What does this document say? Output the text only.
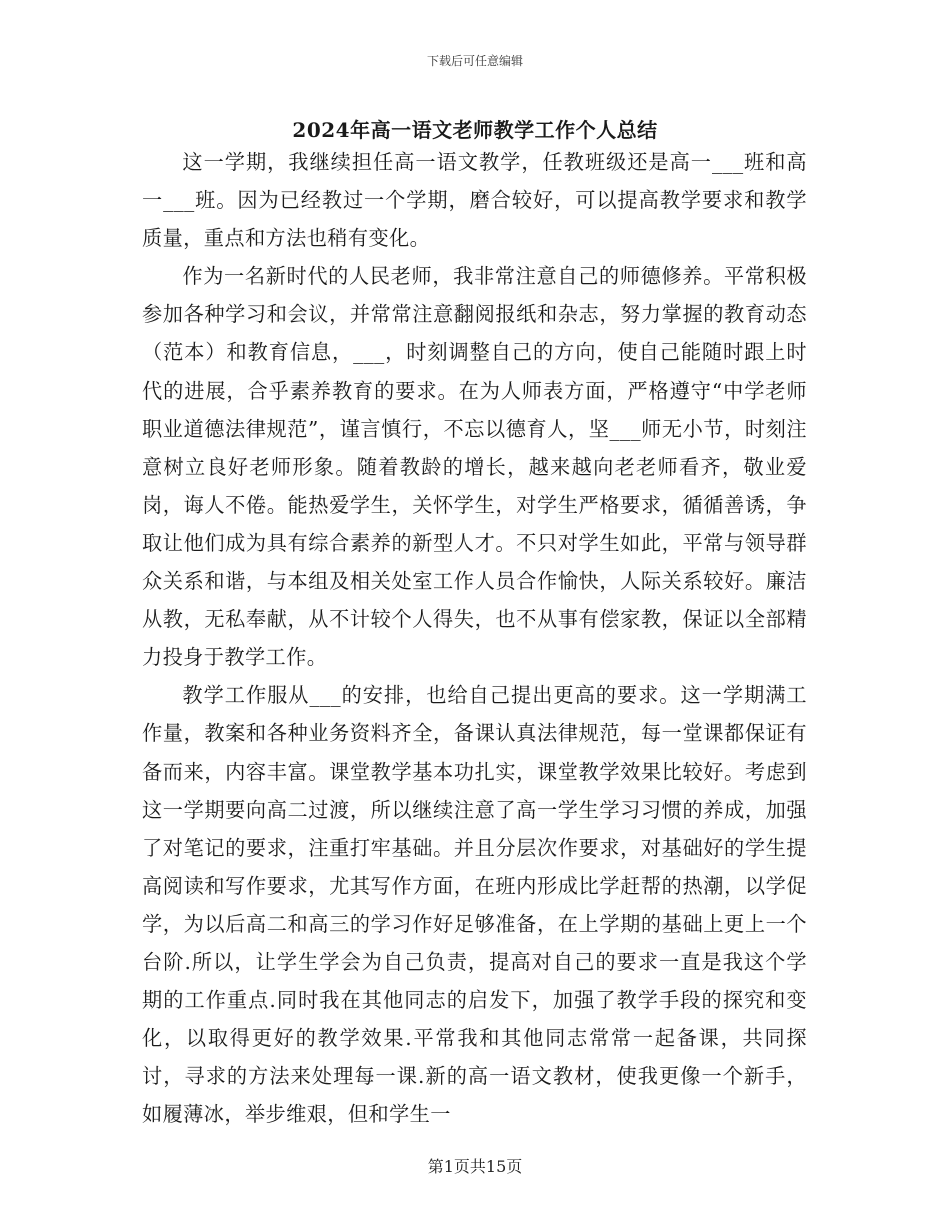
下载后可任意编辑
2024年高一语文老师教学工作个人总结

这一学期，我继续担任高一语文教学，任教班级还是高一___班和高一___班。因为已经教过一个学期，磨合较好，可以提高教学要求和教学质量，重点和方法也稍有变化。

作为一名新时代的人民老师，我非常注意自己的师德修养。平常积极参加各种学习和会议，并常常注意翻阅报纸和杂志，努力掌握的教育动态（范本）和教育信息，___，时刻调整自己的方向，使自己能随时跟上时代的进展，合乎素养教育的要求。在为人师表方面，严格遵守“中学老师职业道德法律规范”，谨言慎行，不忘以德育人，坚___师无小节，时刻注意树立良好老师形象。随着教龄的增长，越来越向老老师看齐，敬业爱岗，诲人不倦。能热爱学生，关怀学生，对学生严格要求，循循善诱，争取让他们成为具有综合素养的新型人才。不只对学生如此，平常与领导群众关系和谐，与本组及相关处室工作人员合作愉快，人际关系较好。廉洁从教，无私奉献，从不计较个人得失，也不从事有偿家教，保证以全部精力投身于教学工作。

教学工作服从___的安排，也给自己提出更高的要求。这一学期满工作量，教案和各种业务资料齐全，备课认真法律规范，每一堂课都保证有备而来，内容丰富。课堂教学基本功扎实，课堂教学效果比较好。考虑到这一学期要向高二过渡，所以继续注意了高一学生学习习惯的养成，加强了对笔记的要求，注重打牢基础。并且分层次作要求，对基础好的学生提高阅读和写作要求，尤其写作方面，在班内形成比学赶帮的热潮，以学促学，为以后高二和高三的学习作好足够准备，在上学期的基础上更上一个台阶.所以，让学生学会为自己负责，提高对自己的要求一直是我这个学期的工作重点.同时我在其他同志的启发下，加强了教学手段的探究和变化，以取得更好的教学效果.平常我和其他同志常常一起备课，共同探讨，寻求的方法来处理每一课.新的高一语文教材，使我更像一个新手，如履薄冰，举步维艰，但和学生一

第1页共15页
